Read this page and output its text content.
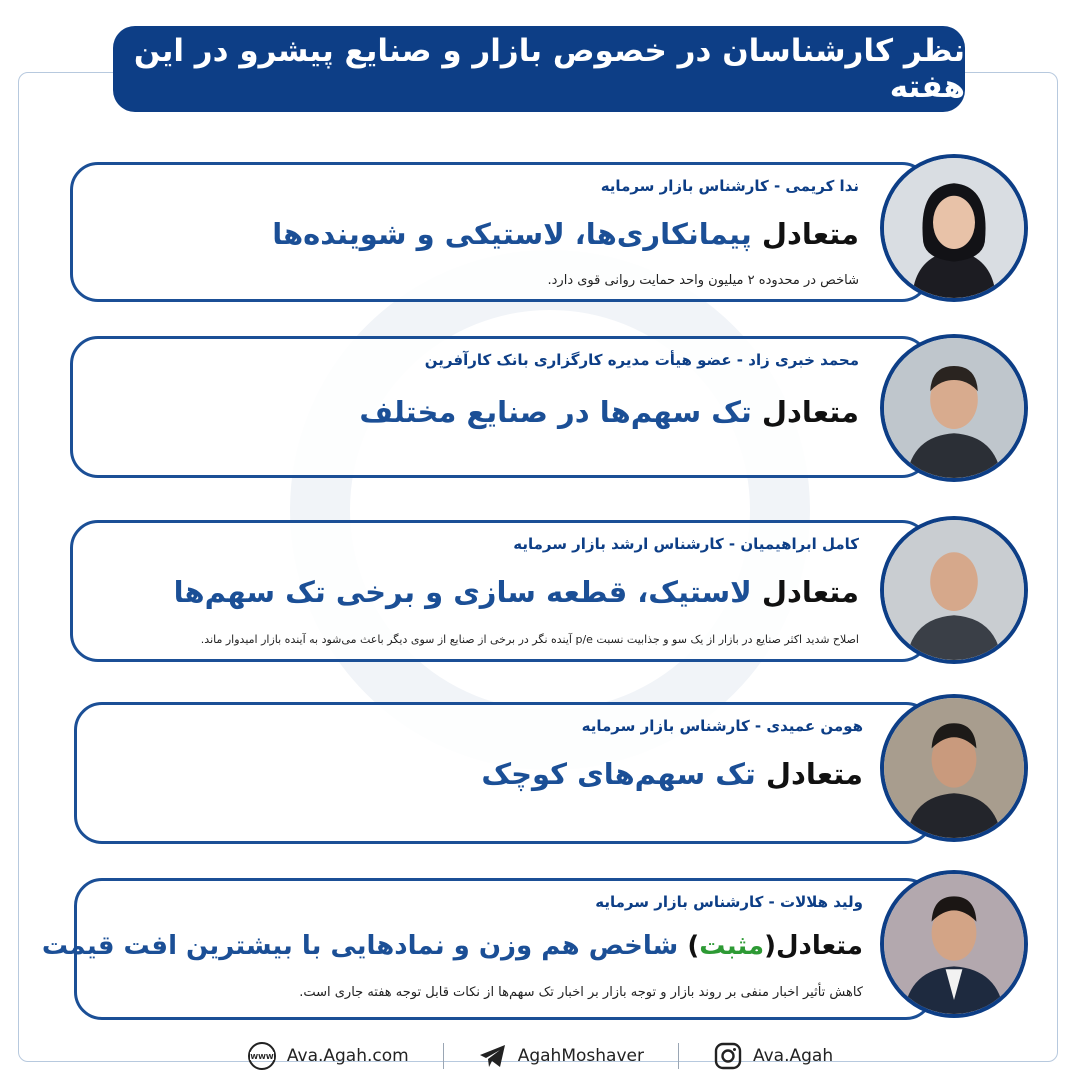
نظر کارشناسان در خصوص بازار و صنایع پیشرو در این هفته
ندا کریمی - کارشناس بازار سرمایه
متعادل پیمانکاری‌ها، لاستیکی و شوینده‌ها
شاخص در محدوده ۲ میلیون واحد حمایت روانی قوی دارد.
محمد خبری زاد - عضو هیأت مدیره کارگزاری بانک کارآفرین
متعادل تک سهم‌ها در صنایع مختلف
کامل ابراهیمیان - کارشناس ارشد بازار سرمایه
متعادل لاستیک، قطعه سازی و برخی تک سهم‌ها
اصلاح شدید اکثر صنایع در بازار از یک سو و جذابیت نسبت p/e آینده نگر در برخی از صنایع از سوی دیگر باعث می‌شود به آینده بازار امیدوار ماند.
هومن عمیدی - کارشناس بازار سرمایه
متعادل تک سهم‌های کوچک
ولید هلالات - کارشناس بازار سرمایه
متعادل(مثبت) شاخص هم وزن و نمادهایی با بیشترین افت قیمت
کاهش تأثیر اخبار منفی بر روند بازار و توجه بازار بر اخبار تک سهم‌ها از نکات قابل توجه هفته جاری است.
WWW Ava.Agah.com	AgahMoshaver	Ava.Agah
